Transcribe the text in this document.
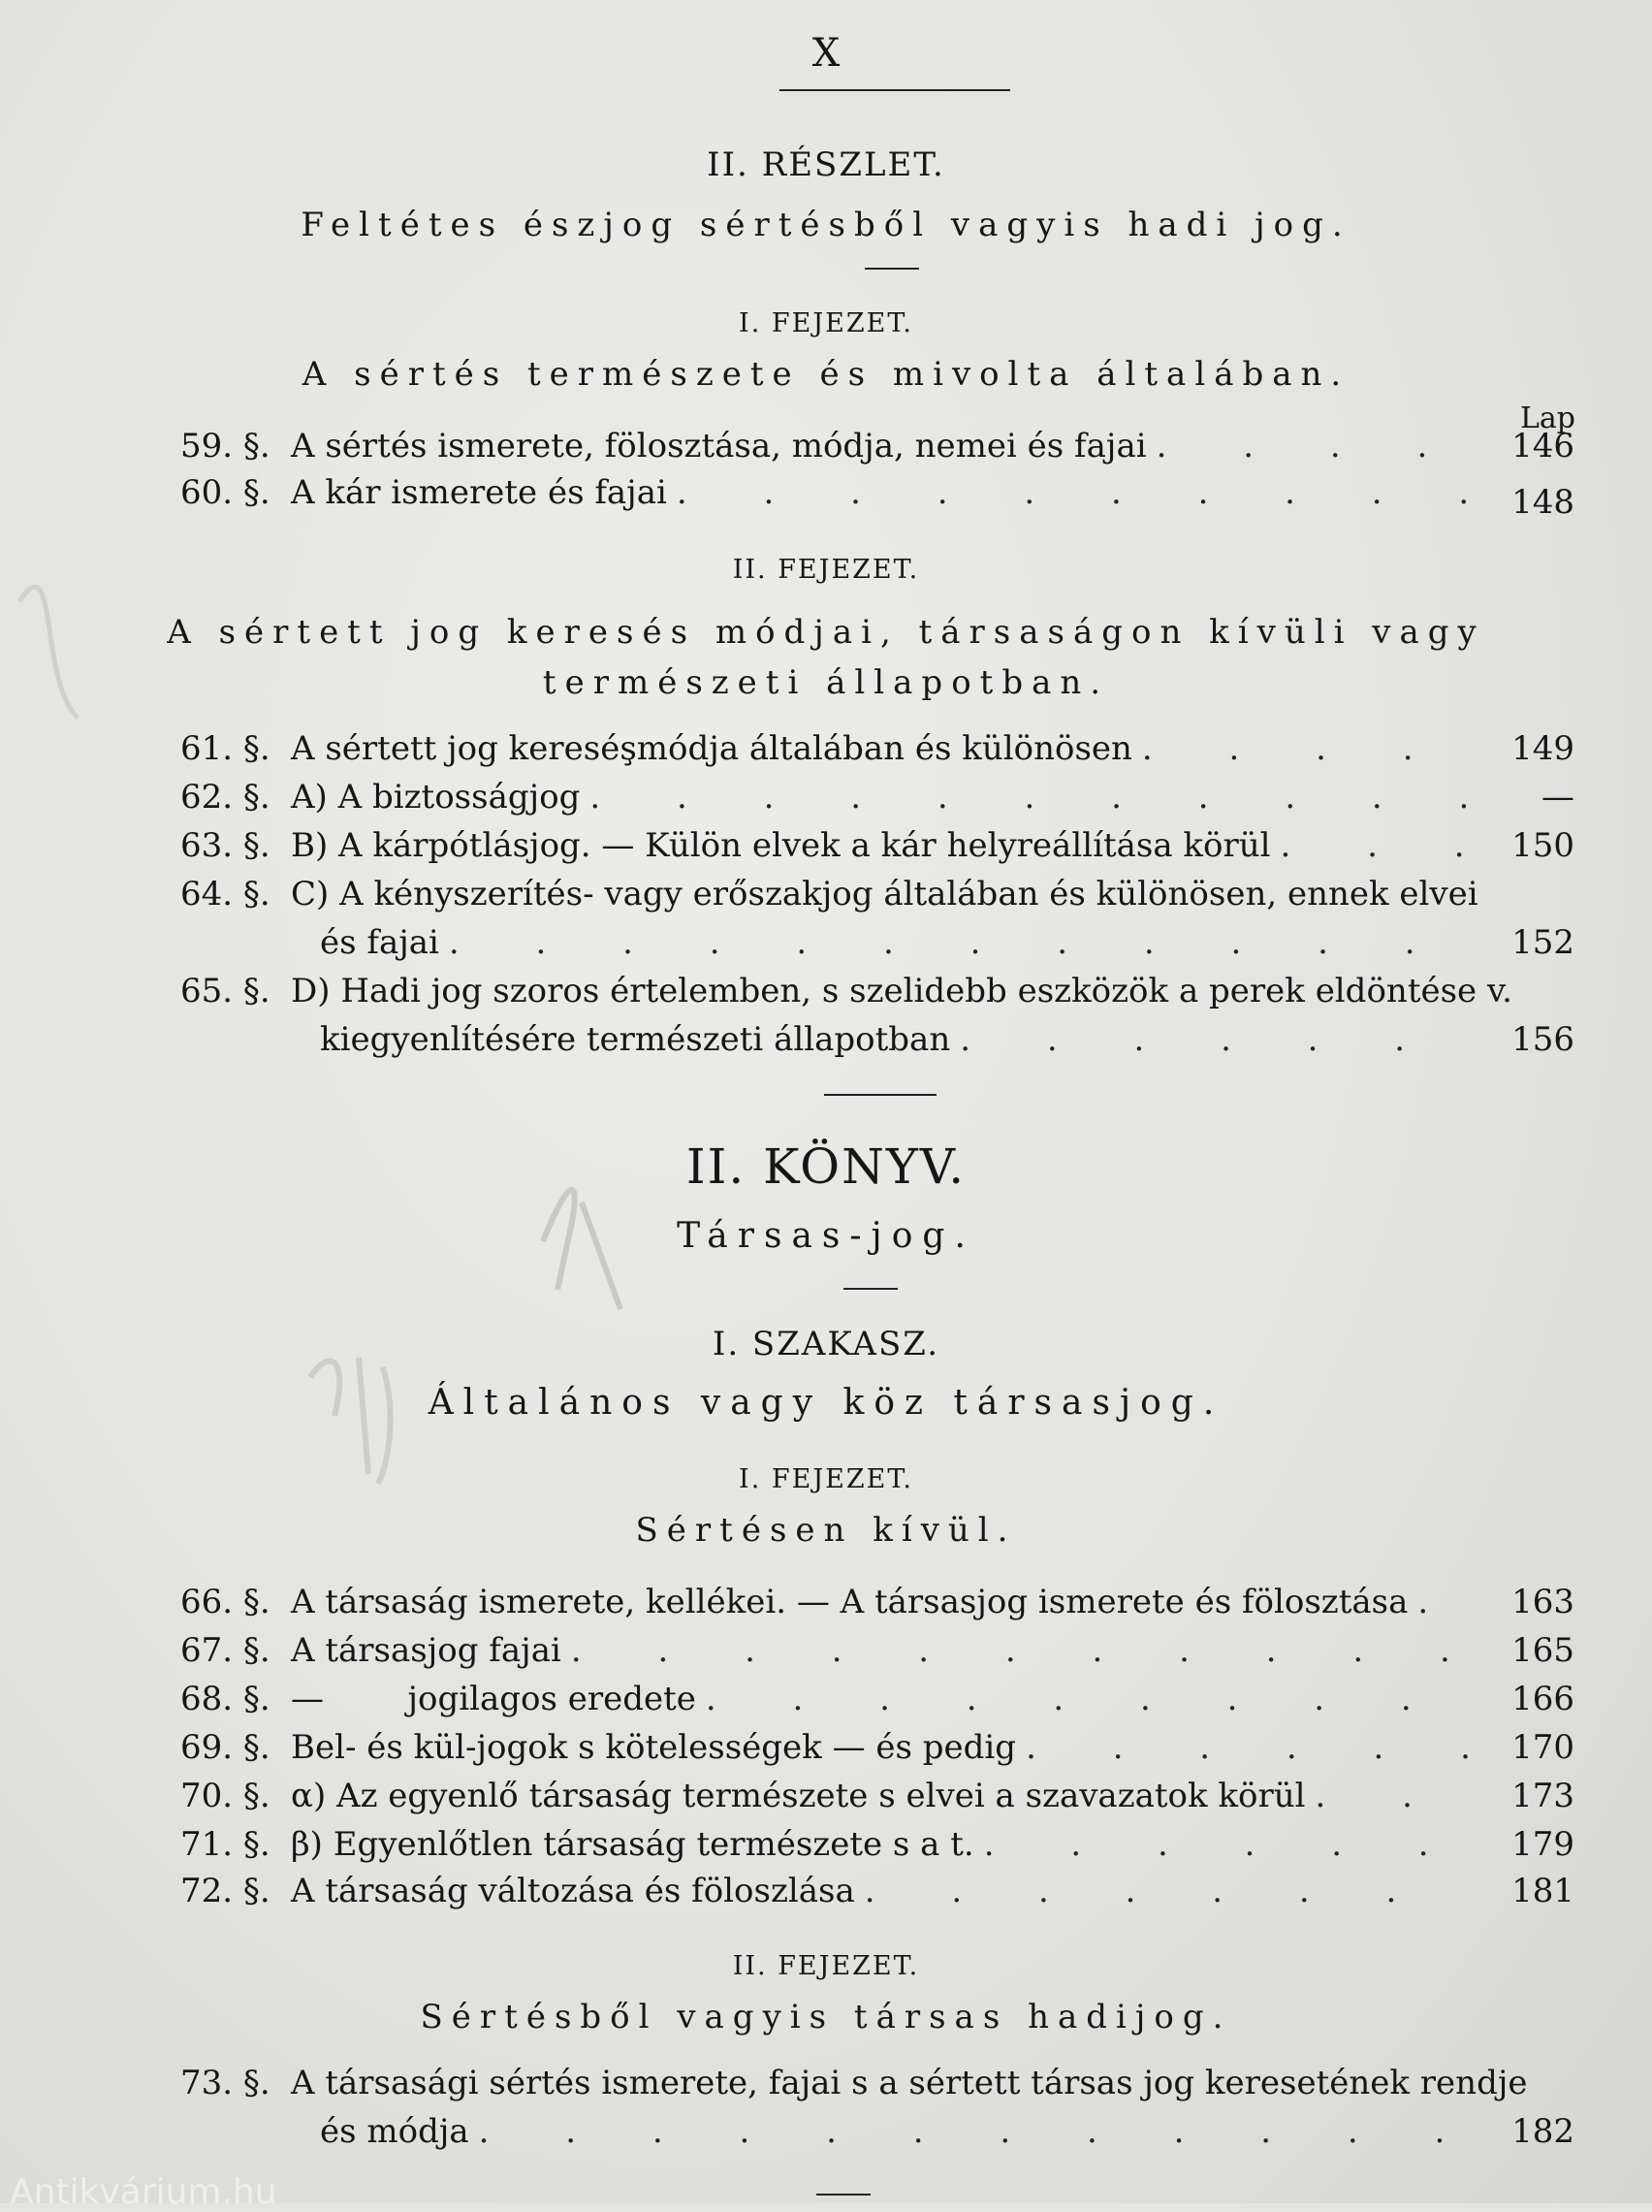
X
II. RÉSZLET.
Feltétes észjog sértésből vagyis hadi jog.
I. FEJEZET.
A sértés természete és mivolta általában.
Lap
59. §. A sértés ismerete, fölosztása, módja, nemei és fajai . . .	146
60. §. A kár ismerete és fajai . . .	148
II. FEJEZET.
A sértett jog keresés módjai, társaságon kívüli vagy
természeti állapotban.
61. §. A sértett jog kereséşmódja általában és különösen . . .	149
62. §. A) A biztosságjog . . .	—
63. §. B) A kárpótlásjog. — Külön elvek a kár helyreállítása körül . . .	150
64. §. C) A kényszerítés- vagy erőszakjog általában és különösen, ennek elvei
és fajai . . .	152
65. §. D) Hadi jog szoros értelemben, s szelidebb eszközök a perek eldöntése v.
kiegyenlítésére természeti állapotban . . .	156
II. KÖNYV.
Társas-jog.
I. SZAKASZ.
Általános vagy köz társasjog.
I. FEJEZET.
Sértésen kívül.
66. §. A társaság ismerete, kellékei. — A társasjog ismerete és fölosztása . . .	163
67. §. A társasjog fajai . . .	165
68. §. —        jogilagos eredete . . .	166
69. §. Bel- és kül-jogok s kötelességek — és pedig . . .	170
70. §. α) Az egyenlő társaság természete s elvei a szavazatok körül . . .	173
71. §. β) Egyenlőtlen társaság természete s a t. . . .	179
72. §. A társaság változása és föloszlása . . .	181
II. FEJEZET.
Sértésből vagyis társas hadijog.
73. §. A társasági sértés ismerete, fajai s a sértett társas jog keresetének rendje
és módja . . .	182
Antikvárium.hu
